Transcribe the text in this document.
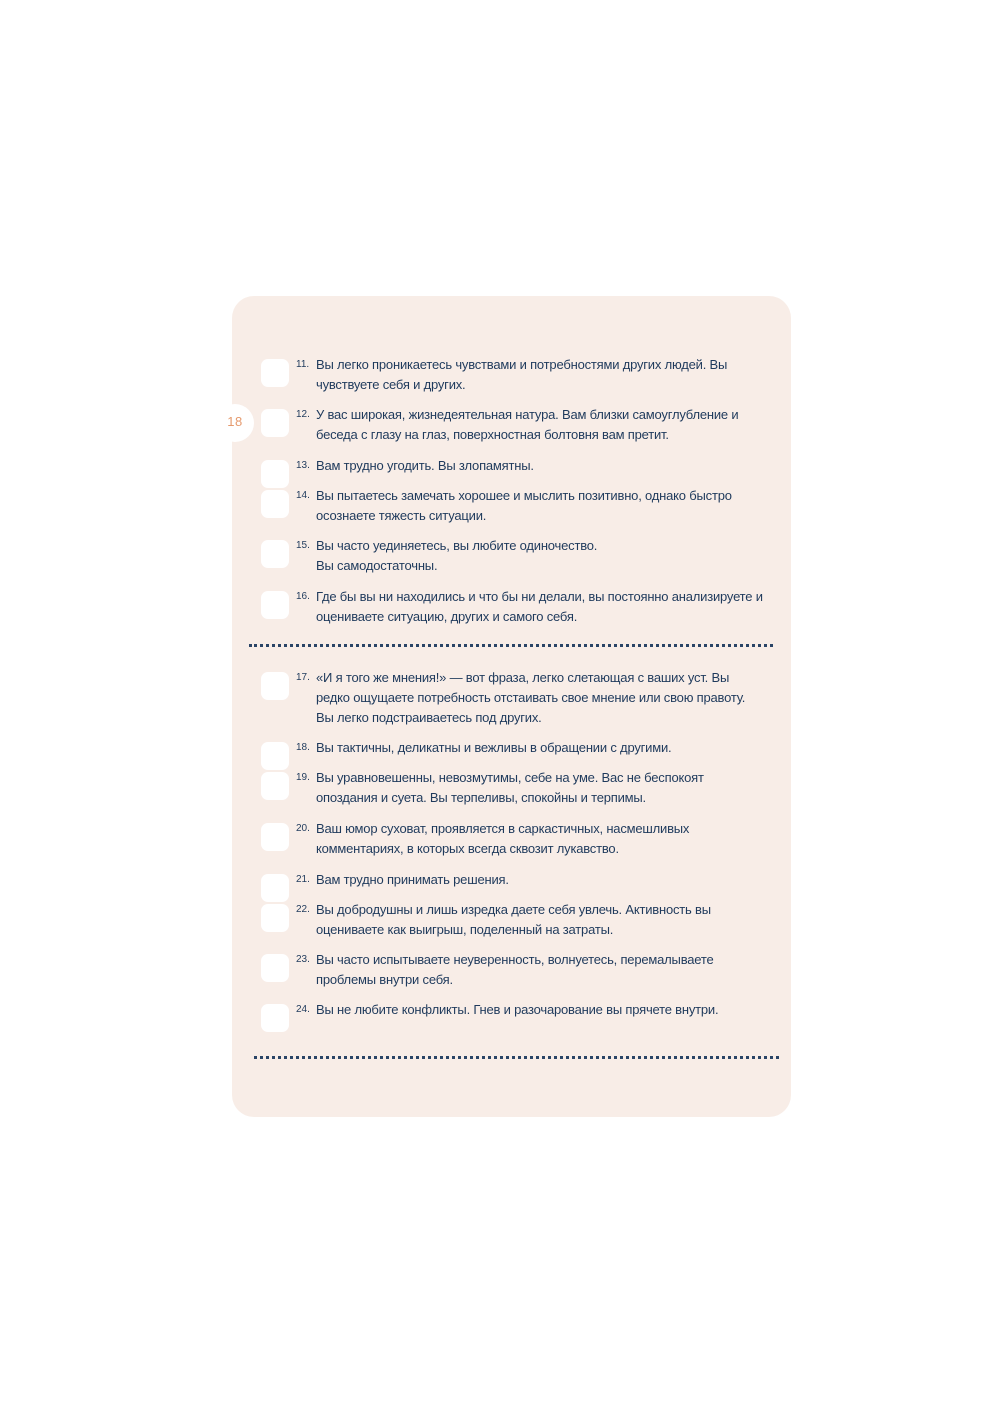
18
11. Вы легко проникаетесь чувствами и потребностями других людей. Вы чувствуете себя и других.
12. У вас широкая, жизнедеятельная натура. Вам близки самоуглубление и беседа с глазу на глаз, поверхностная болтовня вам претит.
13. Вам трудно угодить. Вы злопамятны.
14. Вы пытаетесь замечать хорошее и мыслить позитивно, однако быстро осознаете тяжесть ситуации.
15. Вы часто уединяетесь, вы любите одиночество. Вы самодостаточны.
16. Где бы вы ни находились и что бы ни делали, вы постоянно анализируете и оцениваете ситуацию, других и самого себя.
17. «И я того же мнения!» — вот фраза, легко слетающая с ваших уст. Вы редко ощущаете потребность отстаивать свое мнение или свою правоту. Вы легко подстраиваетесь под других.
18. Вы тактичны, деликатны и вежливы в обращении с другими.
19. Вы уравновешенны, невозмутимы, себе на уме. Вас не беспокоят опоздания и суета. Вы терпеливы, спокойны и терпимы.
20. Ваш юмор суховат, проявляется в саркастичных, насмешливых комментариях, в которых всегда сквозит лукавство.
21. Вам трудно принимать решения.
22. Вы добродушны и лишь изредка даете себя увлечь. Активность вы оцениваете как выигрыш, поделенный на затраты.
23. Вы часто испытываете неуверенность, волнуетесь, перемалываете проблемы внутри себя.
24. Вы не любите конфликты. Гнев и разочарование вы прячете внутри.
